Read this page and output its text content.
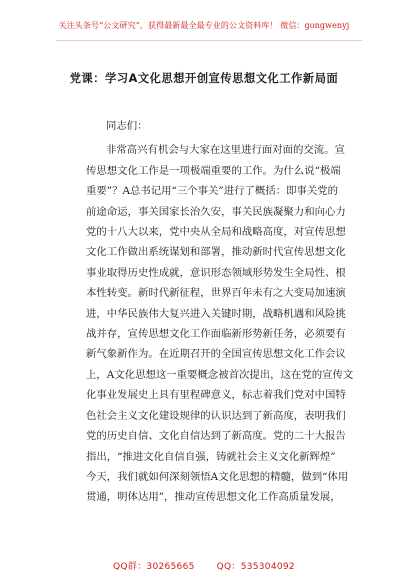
关注头条号“公文研究”，获得最新最全最专业的公文资料库！ 微信：gongwenyj
党课：学习A文化思想开创宣传思想文化工作新局面

同志们：

非常高兴有机会与大家在这里进行面对面的交流。宣

传思想文化工作是一项极端重要的工作。为什么说“极端

重要”？A总书记用“三个事关”进行了概括：即事关党的

前途命运，事关国家长治久安，事关民族凝聚力和向心力

党的十八大以来，党中央从全局和战略高度，对宣传思想

文化工作做出系统谋划和部署，推动新时代宣传思想文化

事业取得历史性成就，意识形态领域形势发生全局性、根

本性转变。新时代新征程，世界百年未有之大变局加速演

进，中华民族伟大复兴进入关键时期，战略机遇和风险挑

战并存，宣传思想文化工作面临新形势新任务，必须要有

新气象新作为。在近期召开的全国宣传思想文化工作会议

上，A文化思想这一重要概念被首次提出，这在党的宣传文

化事业发展史上具有里程碑意义，标志着我们党对中国特

色社会主义文化建设规律的认识达到了新高度，表明我们

党的历史自信、文化自信达到了新高度。党的二十大报告

指出，“推进文化自信自强，铸就社会主义文化新辉煌”

今天，我们就如何深刻领悟A文化思想的精髓，做到“体用

贯通，明体达用”，推动宣传思想文化工作高质量发展，

QQ群：30265665 QQ：535304092
